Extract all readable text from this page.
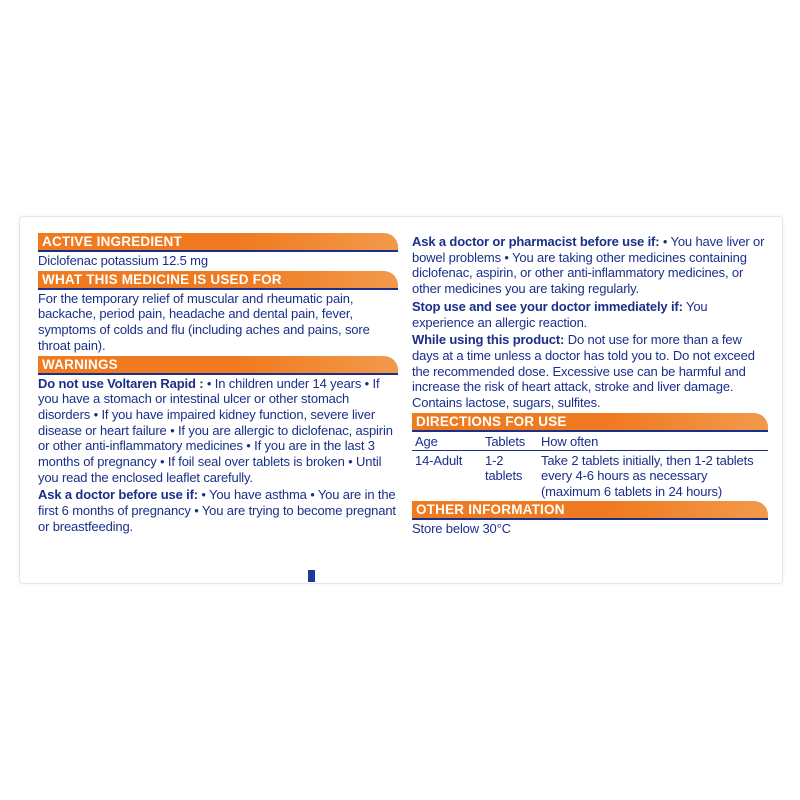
ACTIVE INGREDIENT
Diclofenac potassium 12.5 mg
WHAT THIS MEDICINE IS USED FOR
For the temporary relief of muscular and rheumatic pain, backache, period pain, headache and dental pain, fever, symptoms of colds and flu (including aches and pains, sore throat pain).
WARNINGS
Do not use Voltaren Rapid : • In children under 14 years • If you have a stomach or intestinal ulcer or other stomach disorders • If you have impaired kidney function, severe liver disease or heart failure • If you are allergic to diclofenac, aspirin or other anti-inflammatory medicines • If you are in the last 3 months of pregnancy • If foil seal over tablets is broken • Until you read the enclosed leaflet carefully.
Ask a doctor before use if: • You have asthma • You are in the first 6 months of pregnancy • You are trying to become pregnant or breastfeeding.
Ask a doctor or pharmacist before use if: • You have liver or bowel problems • You are taking other medicines containing diclofenac, aspirin, or other anti-inflammatory medicines, or other medicines you are taking regularly.
Stop use and see your doctor immediately if: You experience an allergic reaction.
While using this product: Do not use for more than a few days at a time unless a doctor has told you to. Do not exceed the recommended dose. Excessive use can be harmful and increase the risk of heart attack, stroke and liver damage. Contains lactose, sugars, sulfites.
DIRECTIONS FOR USE
Age	Tablets	How often
14-Adult	1-2 tablets	Take 2 tablets initially, then 1-2 tablets every 4-6 hours as necessary (maximum 6 tablets in 24 hours)
OTHER INFORMATION
Store below 30°C
